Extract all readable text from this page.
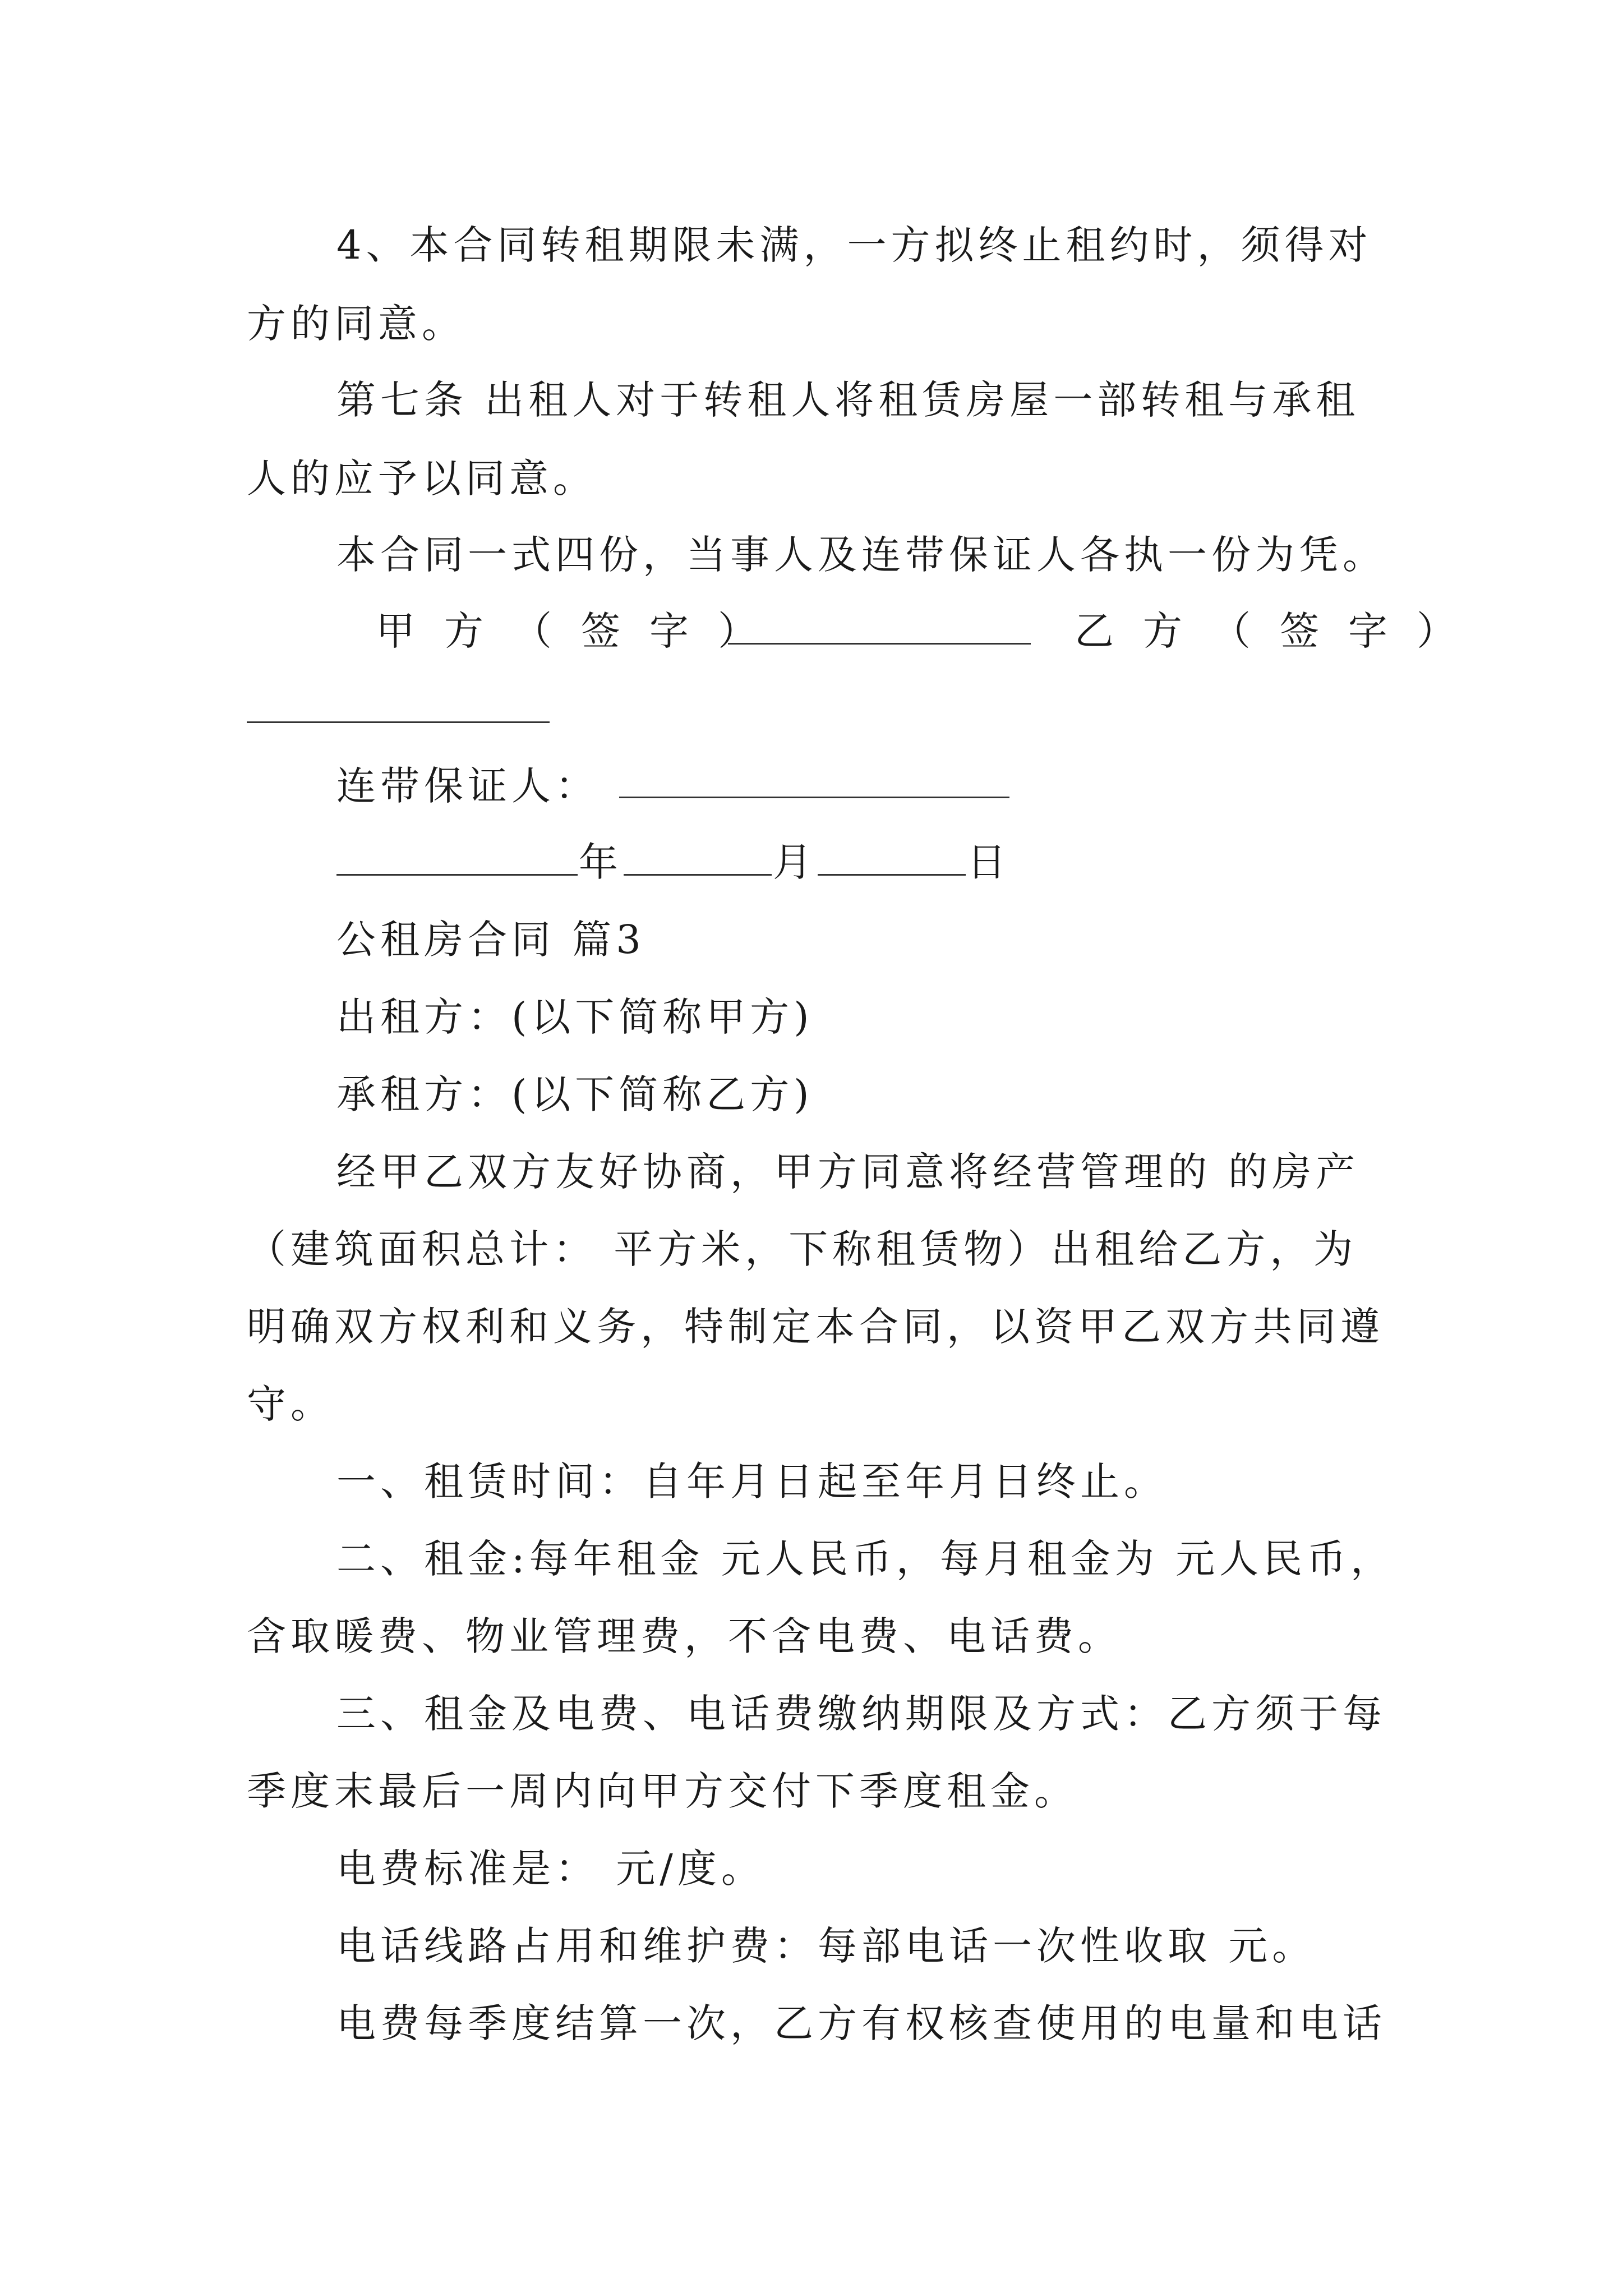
4、本合同转租期限未满，一方拟终止租约时，须得对
方的同意。
第七条 出租人对于转租人将租赁房屋一部转租与承租
人的应予以同意。
本合同一式四份，当事人及连带保证人各执一份为凭。
甲方（签字）	乙方（签字）
连带保证人：
年	月	日
公租房合同 篇3
出租方：(以下简称甲方)
承租方：(以下简称乙方)
经甲乙双方友好协商，甲方同意将经营管理的 的房产
（建筑面积总计： 平方米，下称租赁物）出租给乙方，为
明确双方权利和义务，特制定本合同，以资甲乙双方共同遵
守。
一、租赁时间：自年月日起至年月日终止。
二、租金:每年租金 元人民币，每月租金为 元人民币，
含取暖费、物业管理费，不含电费、电话费。
三、租金及电费、电话费缴纳期限及方式：乙方须于每
季度末最后一周内向甲方交付下季度租金。
电费标准是： 元/度。
电话线路占用和维护费：每部电话一次性收取 元。
电费每季度结算一次，乙方有权核查使用的电量和电话
